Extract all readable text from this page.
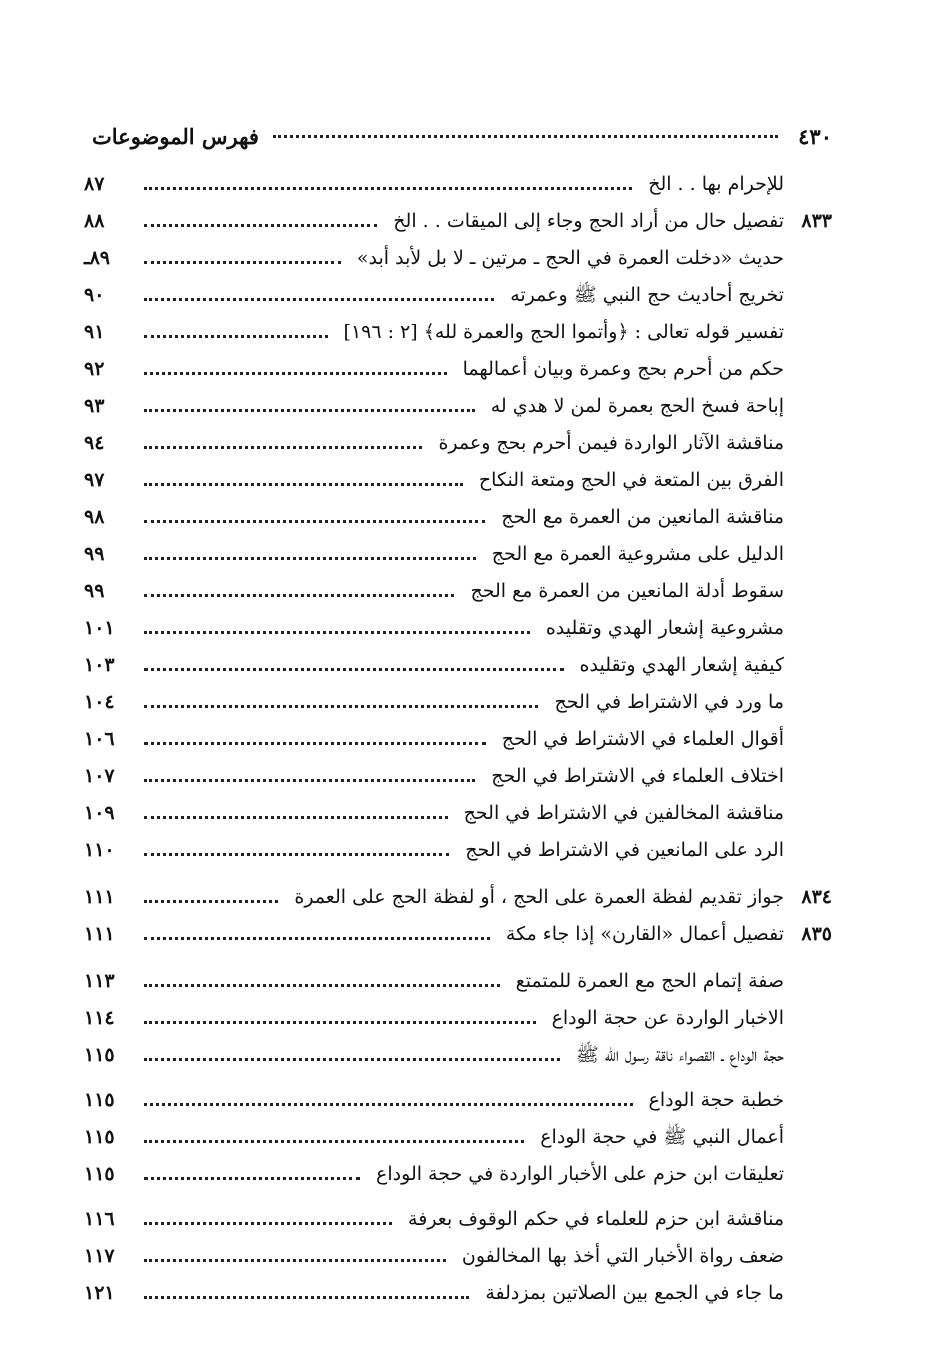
٤٣٠
فهرس الموضوعات
للإحرام بها . . الخ
٨٧
٨٣٣
تفصيل حال من أراد الحج وجاء إلى الميقات . . الخ
٨٨
حديث «دخلت العمرة في الحج ـ مرتين ـ لا بل لأبد أبد»
٨٩ـ
تخريج أحاديث حج النبي ﷺ وعمرته
٩٠
تفسير قوله تعالى : ﴿وأتموا الحج والعمرة لله﴾ [٢ : ١٩٦]
٩١
حكم من أحرم بحج وعمرة وبيان أعمالهما
٩٢
إباحة فسخ الحج بعمرة لمن لا هدي له
٩٣
مناقشة الآثار الواردة فيمن أحرم بحج وعمرة
٩٤
الفرق بين المتعة في الحج ومتعة النكاح
٩٧
مناقشة المانعين من العمرة مع الحج
٩٨
الدليل على مشروعية العمرة مع الحج
٩٩
سقوط أدلة المانعين من العمرة مع الحج
٩٩
مشروعية إشعار الهدي وتقليده
١٠١
كيفية إشعار الهدي وتقليده
١٠٣
ما ورد في الاشتراط في الحج
١٠٤
أقوال العلماء في الاشتراط في الحج
١٠٦
اختلاف العلماء في الاشتراط في الحج
١٠٧
مناقشة المخالفين في الاشتراط في الحج
١٠٩
الرد على المانعين في الاشتراط في الحج
١١٠
٨٣٤
جواز تقديم لفظة العمرة على الحج ، أو لفظة الحج على العمرة
١١١
٨٣٥
تفصيل أعمال «القارن» إذا جاء مكة
١١١
صفة إتمام الحج مع العمرة للمتمتع
١١٣
الاخبار الواردة عن حجة الوداع
١١٤
حجة الوداع ـ القصواء ناقة رسول الله ﷺ
١١٥
خطبة حجة الوداع
١١٥
أعمال النبي ﷺ في حجة الوداع
١١٥
تعليقات ابن حزم على الأخبار الواردة في حجة الوداع
١١٥
مناقشة ابن حزم للعلماء في حكم الوقوف بعرفة
١١٦
ضعف رواة الأخبار التي أخذ بها المخالفون
١١٧
ما جاء في الجمع بين الصلاتين بمزدلفة
١٢١
